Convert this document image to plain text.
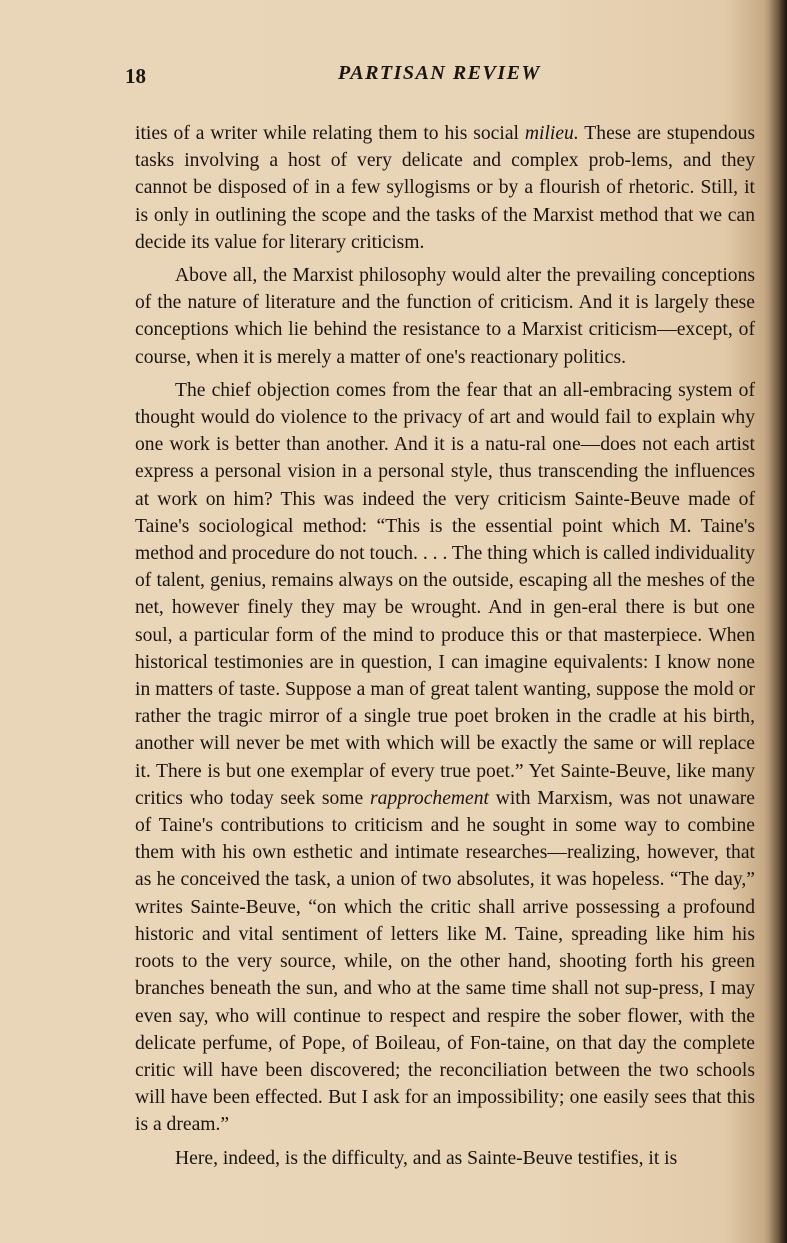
18	PARTISAN REVIEW

ities of a writer while relating them to his social milieu. These are stupendous tasks involving a host of very delicate and complex prob-lems, and they cannot be disposed of in a few syllogisms or by a flourish of rhetoric. Still, it is only in outlining the scope and the tasks of the Marxist method that we can decide its value for literary criticism.

Above all, the Marxist philosophy would alter the prevailing conceptions of the nature of literature and the function of criticism. And it is largely these conceptions which lie behind the resistance to a Marxist criticism—except, of course, when it is merely a matter of one's reactionary politics.

The chief objection comes from the fear that an all-embracing system of thought would do violence to the privacy of art and would fail to explain why one work is better than another. And it is a natu-ral one—does not each artist express a personal vision in a personal style, thus transcending the influences at work on him? This was indeed the very criticism Sainte-Beuve made of Taine's sociological method: “This is the essential point which M. Taine's method and procedure do not touch. . . . The thing which is called individuality of talent, genius, remains always on the outside, escaping all the meshes of the net, however finely they may be wrought. And in gen-eral there is but one soul, a particular form of the mind to produce this or that masterpiece. When historical testimonies are in question, I can imagine equivalents: I know none in matters of taste. Suppose a man of great talent wanting, suppose the mold or rather the tragic mirror of a single true poet broken in the cradle at his birth, another will never be met with which will be exactly the same or will replace it. There is but one exemplar of every true poet.” Yet Sainte-Beuve, like many critics who today seek some rapprochement with Marxism, was not unaware of Taine's contributions to criticism and he sought in some way to combine them with his own esthetic and intimate researches—realizing, however, that as he conceived the task, a union of two absolutes, it was hopeless. “The day,” writes Sainte-Beuve, “on which the critic shall arrive possessing a profound historic and vital sentiment of letters like M. Taine, spreading like him his roots to the very source, while, on the other hand, shooting forth his green branches beneath the sun, and who at the same time shall not sup-press, I may even say, who will continue to respect and respire the sober flower, with the delicate perfume, of Pope, of Boileau, of Fon-taine, on that day the complete critic will have been discovered; the reconciliation between the two schools will have been effected. But I ask for an impossibility; one easily sees that this is a dream.”

Here, indeed, is the difficulty, and as Sainte-Beuve testifies, it is
